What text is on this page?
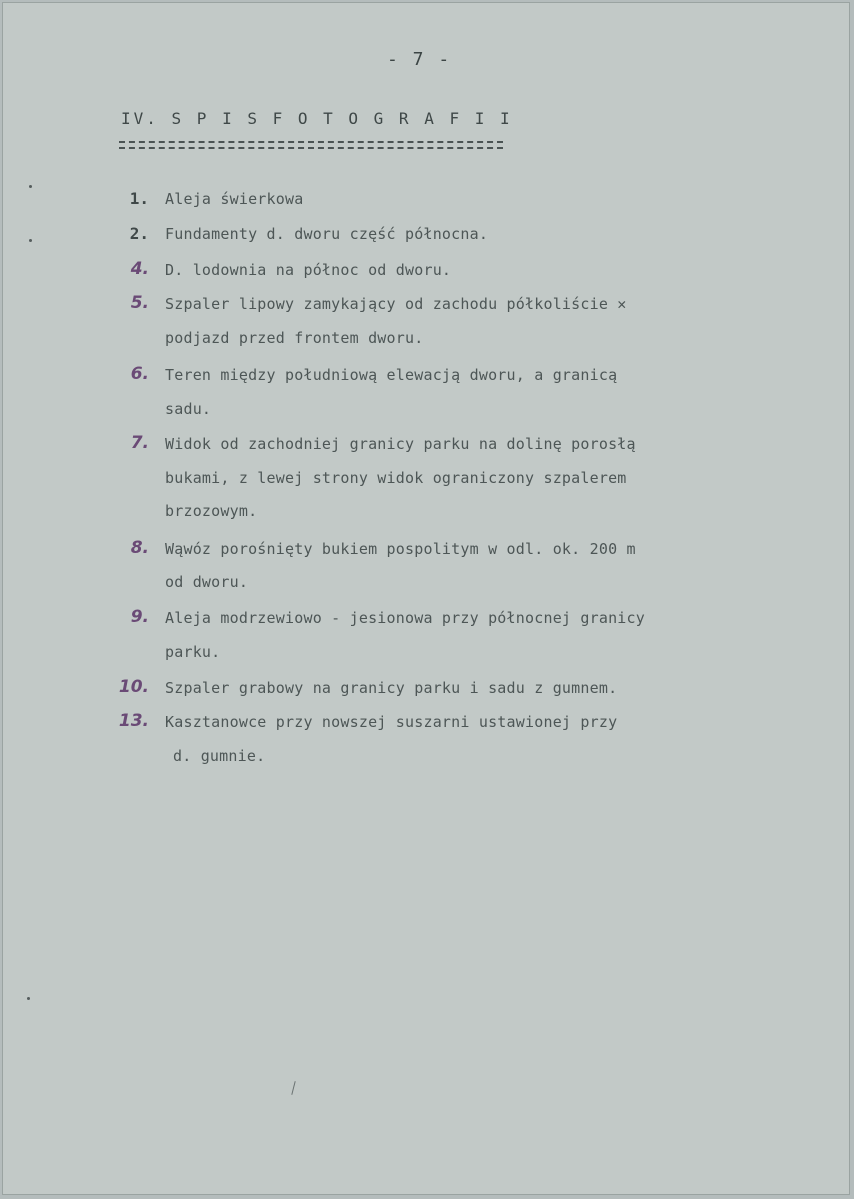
- 7 -
IV. S P I S F O T O G R A F I I
1. Aleja świerkowa
2. Fundamenty d. dworu część północna.
4. D. lodownia na północ od dworu.
5. Szpaler lipowy zamykający od zachodu półkoliście ✕
podjazd przed frontem dworu.
6. Teren między południową elewacją dworu, a granicą
sadu.
7. Widok od zachodniej granicy parku na dolinę porosłą
bukami, z lewej strony widok ograniczony szpalerem
brzozowym.
8. Wąwóz porośnięty bukiem pospolitym w odl. ok. 200 m
od dworu.
9. Aleja modrzewiowo - jesionowa przy północnej granicy
parku.
10. Szpaler grabowy na granicy parku i sadu z gumnem.
13. Kasztanowce przy nowszej suszarni ustawionej przy
d. gumnie.
